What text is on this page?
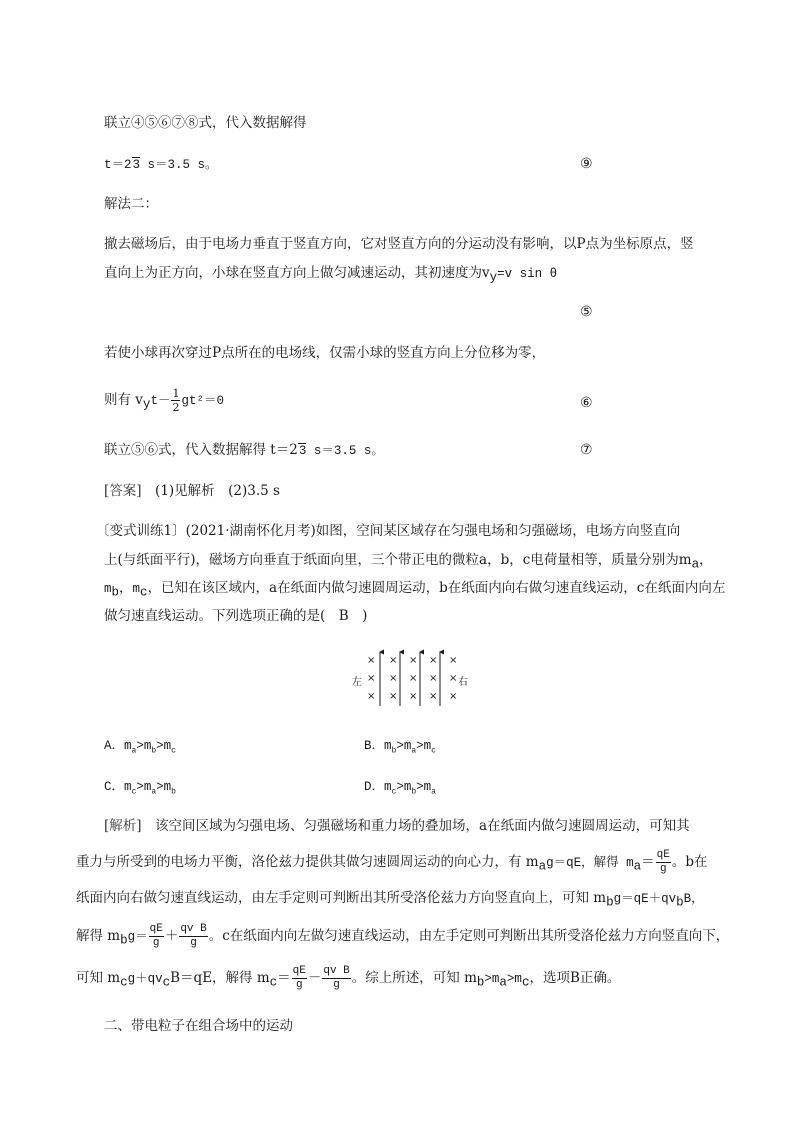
联立④⑤⑥⑦⑧式，代入数据解得
t＝23 s＝3.5 s。	⑨
解法二：
撤去磁场后，由于电场力垂直于竖直方向，它对竖直方向的分运动没有影响，以P点为坐标原点，竖
直向上为正方向，小球在竖直方向上做匀减速运动，其初速度为$v_y=v$ sin θ
⑤
若使小球再次穿过P点所在的电场线，仅需小球的竖直方向上分位移为零，
则有 $v_yt- \frac{1}{2} gt^2=0$	⑥
联立⑤⑥式，代入数据解得 t＝23 s＝3.5 s。	⑦
[答案]　 (1)见解析　(2)3.5 s
〔变式训练1〕(2021·湖南怀化月考)如图，空间某区域存在匀强电场和匀强磁场，电场方向竖直向
上(与纸面平行)，磁场方向垂直于纸面向里，三个带正电的微粒a，b，c电荷量相等，质量分别为$m_a$，
$m_b$，$m_c$，已知在该区域内，a在纸面内做匀速圆周运动，b在纸面内向右做匀速直线运动，c在纸面内向左
做匀速直线运动。下列选项正确的是(　B　)
× × × × ×
× × × × ×
× × × × ×
左	右
A．$m_a>m_b>m_c$	B．$m_b>m_a>m_c$
C．$m_c>m_a>m_b$	D．$m_c>m_b>m_a$
[解析]　 该空间区域为匀强电场、匀强磁场和重力场的叠加场，a在纸面内做匀速圆周运动，可知其
重力与所受到的电场力平衡，洛伦兹力提供其做匀速圆周运动的向心力，有 $m_ag=qE$，解得 $m_a= \frac{qE}{g}$ 。b在
纸面内向右做匀速直线运动，由左手定则可判断出其所受洛伦兹力方向竖直向上，可知 $m_bg=qE+qv_bB$，
解得 $m_bg= \frac{qE}{g} + \frac{\text{qv B}}{g}$ 。c在纸面内向左做匀速直线运动，由左手定则可判断出其所受洛伦兹力方向竖直向下，
可知 $m_cg+qv_cB=qE$，解得 $m_c= \frac{qE}{g} - \frac{\text{qv B}}{g}$ 。综上所述，可知 $m_b>m_a>m_c$，选项B正确。
二、带电粒子在组合场中的运动
